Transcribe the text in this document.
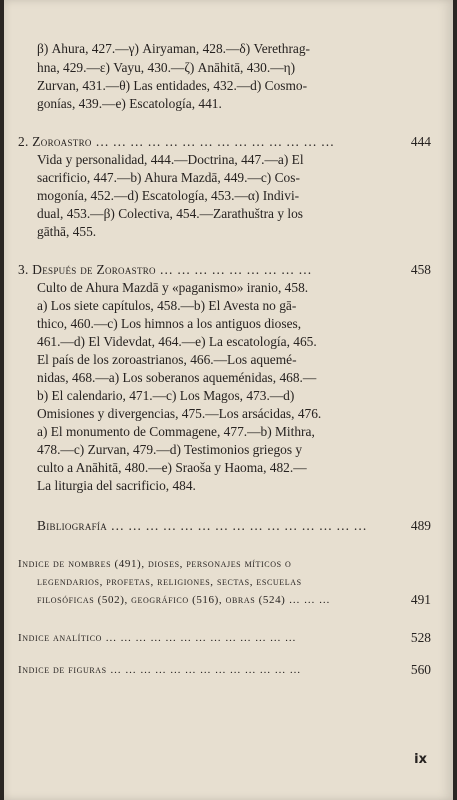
β) Ahura, 427.—γ) Airyaman, 428.—δ) Verethrag-
hna, 429.—ε) Vayu, 430.—ζ) Anāhitā, 430.—η)
Zurvan, 431.—θ) Las entidades, 432.—d) Cosmo-
gonías, 439.—e) Escatología, 441.
2. Zoroastro … … … … … … … … … … … … … …	444
Vida y personalidad, 444.—Doctrina, 447.—a) El
sacrificio, 447.—b) Ahura Mazdā, 449.—c) Cos-
mogonía, 452.—d) Escatología, 453.—α) Indivi-
dual, 453.—β) Colectiva, 454.—Zarathuštra y los
gāthā, 455.
3. Después de Zoroastro … … … … … … … … …	458
Culto de Ahura Mazdā y «paganismo» iranio, 458.
a) Los siete capítulos, 458.—b) El Avesta no gā-
thico, 460.—c) Los himnos a los antiguos dioses,
461.—d) El Videvdat, 464.—e) La escatología, 465.
El país de los zoroastrianos, 466.—Los aquemé-
nidas, 468.—a) Los soberanos aqueménidas, 468.—
b) El calendario, 471.—c) Los Magos, 473.—d)
Omisiones y divergencias, 475.—Los arsácidas, 476.
a) El monumento de Commagene, 477.—b) Mithra,
478.—c) Zurvan, 479.—d) Testimonios griegos y
culto a Anāhitā, 480.—e) Sraoša y Haoma, 482.—
La liturgia del sacrificio, 484.
Bibliografía … … … … … … … … … … … … … … …	489
Indice de nombres (491), dioses, personajes míticos o
legendarios, profetas, religiones, sectas, escuelas
filosóficas (502), geográfico (516), obras (524) … … …	491
Indice analítico … … … … … … … … … … … … …	528
Indice de figuras … … … … … … … … … … … … …	560
ix
